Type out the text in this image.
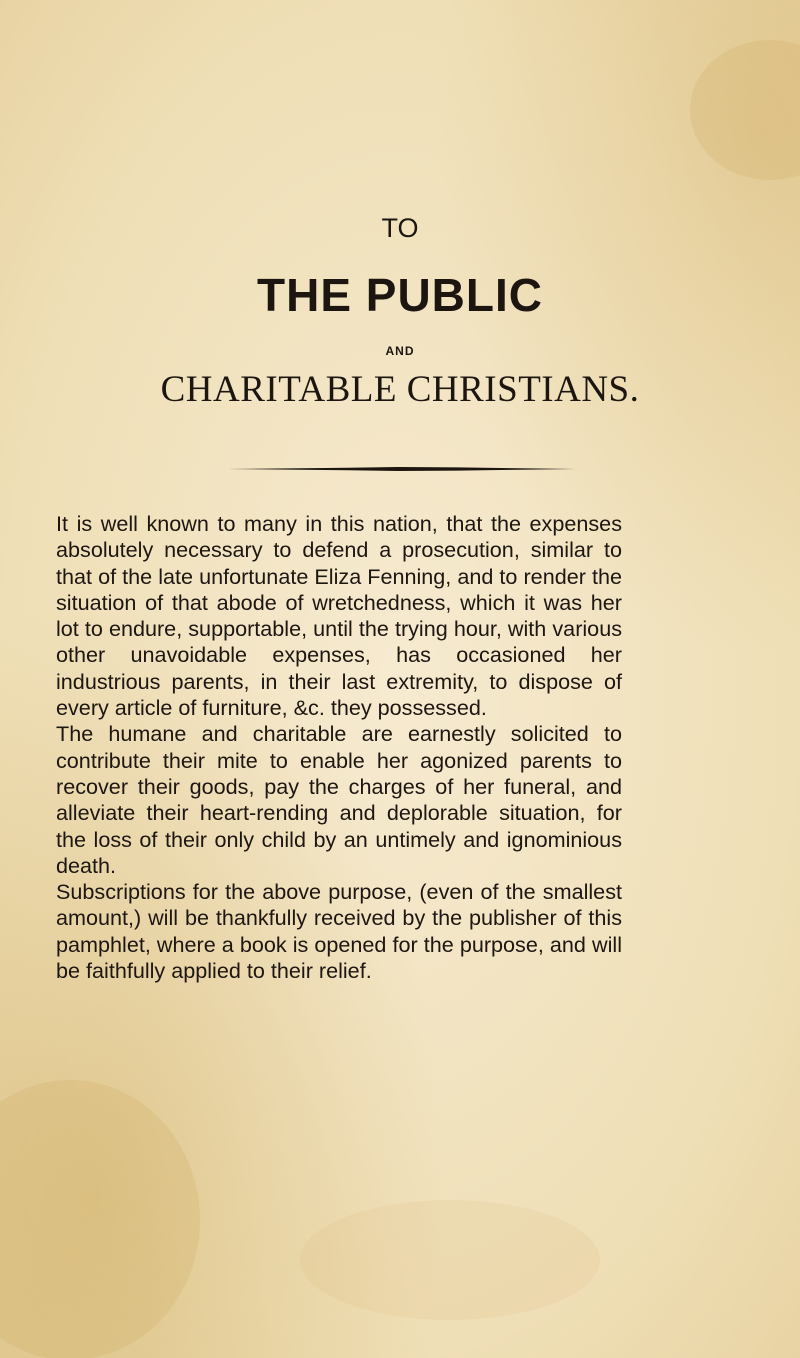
TO
THE PUBLIC
AND
CHARITABLE CHRISTIANS.

It is well known to many in this nation, that the expenses absolutely necessary to defend a prosecution, similar to that of the late unfortunate Eliza Fenning, and to render the situation of that abode of wretchedness, which it was her lot to endure, supportable, until the trying hour, with various other unavoidable expenses, has occasioned her industrious parents, in their last extremity, to dispose of every article of furniture, &c. they possessed.

The humane and charitable are earnestly solicited to contribute their mite to enable her agonized parents to recover their goods, pay the charges of her funeral, and alleviate their heart-rending and deplorable situation, for the loss of their only child by an untimely and ignominious death.

Subscriptions for the above purpose, (even of the smallest amount,) will be thankfully received by the publisher of this pamphlet, where a book is opened for the purpose, and will be faithfully applied to their relief.
